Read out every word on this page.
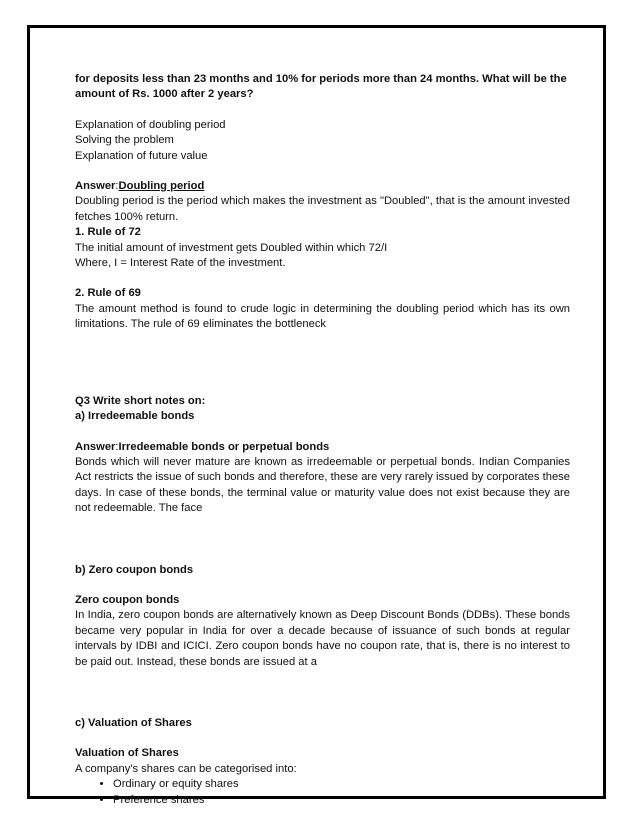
for deposits less than 23 months and 10% for periods more than 24 months. What will be the amount of Rs. 1000 after 2 years?

Explanation of doubling period

Solving the problem

Explanation of future value

Answer:Doubling period

Doubling period is the period which makes the investment as "Doubled", that is the amount invested fetches 100% return.

1. Rule of 72

The initial amount of investment gets Doubled within which 72/I

Where, I = Interest Rate of the investment.

2. Rule of 69

The amount method is found to crude logic in determining the doubling period which has its own limitations. The rule of 69 eliminates the bottleneck

Q3 Write short notes on:

a) Irredeemable bonds

Answer:Irredeemable bonds or perpetual bonds

Bonds which will never mature are known as irredeemable or perpetual bonds. Indian Companies Act restricts the issue of such bonds and therefore, these are very rarely issued by corporates these days. In case of these bonds, the terminal value or maturity value does not exist because they are not redeemable. The face

b) Zero coupon bonds

Zero coupon bonds

In India, zero coupon bonds are alternatively known as Deep Discount Bonds (DDBs). These bonds became very popular in India for over a decade because of issuance of such bonds at regular intervals by IDBI and ICICI. Zero coupon bonds have no coupon rate, that is, there is no interest to be paid out. Instead, these bonds are issued at a

c) Valuation of Shares

Valuation of Shares

A company's shares can be categorised into:

• Ordinary or equity shares
• Preference shares
